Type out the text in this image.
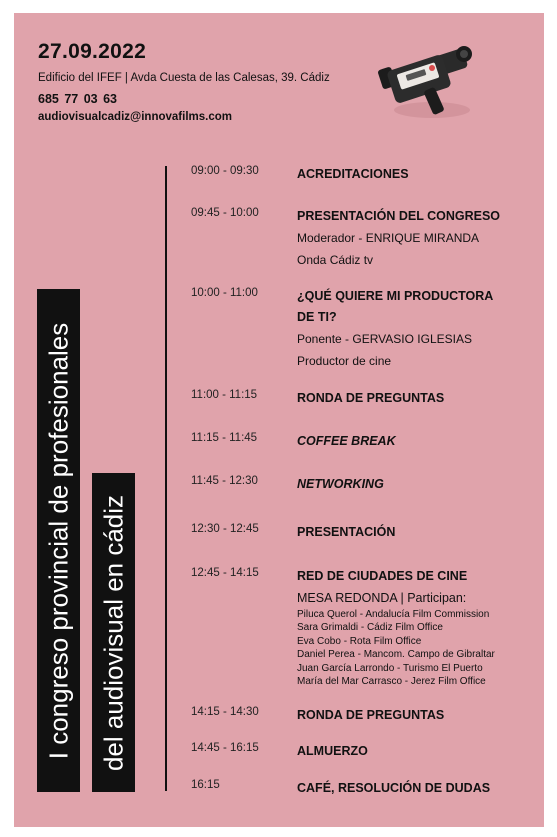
27.09.2022
Edificio del IFEF | Avda Cuesta de las Calesas, 39. Cádiz
685 77 03 63
audiovisualcadiz@innovafilms.com
I congreso provincial de profesionales del audiovisual en cádiz
09:00 - 09:30	ACREDITACIONES
09:45 - 10:00	PRESENTACIÓN DEL CONGRESO
Moderador - ENRIQUE MIRANDA
Onda Cádiz tv
10:00 - 11:00	¿QUÉ QUIERE MI PRODUCTORA
DE TI?
Ponente - GERVASIO IGLESIAS
Productor de cine
11:00 - 11:15	RONDA DE PREGUNTAS
11:15 - 11:45	COFFEE BREAK
11:45 - 12:30	NETWORKING
12:30 - 12:45	PRESENTACIÓN
12:45 - 14:15	RED DE CIUDADES DE CINE
MESA REDONDA | Participan:
Piluca Querol - Andalucía Film Commission
Sara Grimaldi - Cádiz Film Office
Eva Cobo - Rota Film Office
Daniel Perea - Mancom. Campo de Gibraltar
Juan García Larrondo - Turismo El Puerto
María del Mar Carrasco - Jerez Film Office
14:15 - 14:30	RONDA DE PREGUNTAS
14:45 - 16:15	ALMUERZO
16:15	CAFÉ, RESOLUCIÓN DE DUDAS
